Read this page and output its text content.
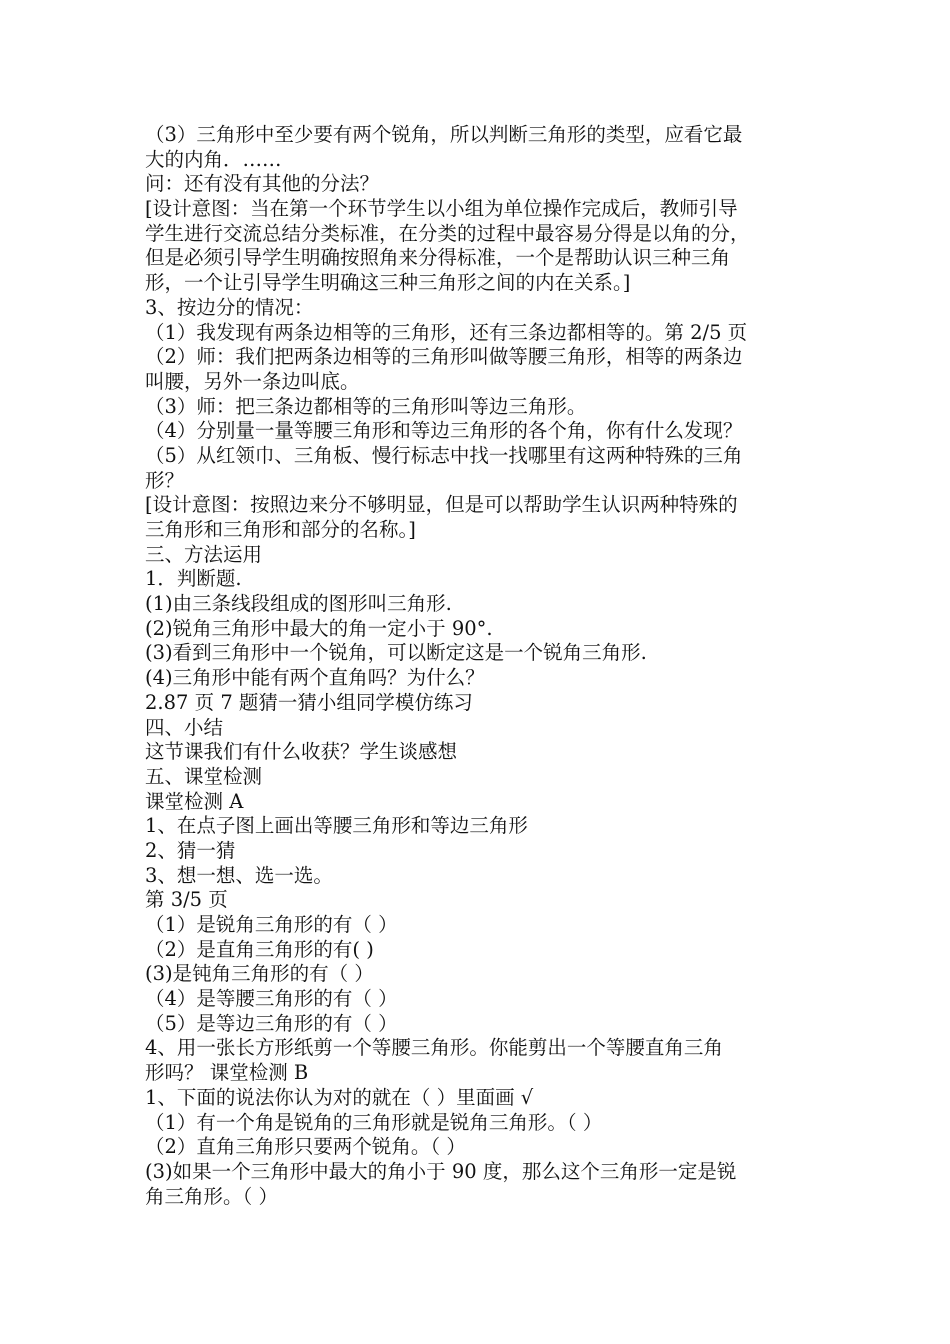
（3）三角形中至少要有两个锐角，所以判断三角形的类型，应看它最
大的内角．……
问：还有没有其他的分法？
[设计意图：当在第一个环节学生以小组为单位操作完成后，教师引导
学生进行交流总结分类标准，在分类的过程中最容易分得是以角的分，
但是必须引导学生明确按照角来分得标准，一个是帮助认识三种三角
形，一个让引导学生明确这三种三角形之间的内在关系。]
3、按边分的情况：
（1）我发现有两条边相等的三角形，还有三条边都相等的。第 2/5 页
（2）师：我们把两条边相等的三角形叫做等腰三角形，相等的两条边
叫腰，另外一条边叫底。
（3）师：把三条边都相等的三角形叫等边三角形。
（4）分别量一量等腰三角形和等边三角形的各个角，你有什么发现？
（5）从红领巾、三角板、慢行标志中找一找哪里有这两种特殊的三角
形？
[设计意图：按照边来分不够明显，但是可以帮助学生认识两种特殊的
三角形和三角形和部分的名称。]
三、方法运用
1．判断题.
(1)由三条线段组成的图形叫三角形.
(2)锐角三角形中最大的角一定小于 90°.
(3)看到三角形中一个锐角，可以断定这是一个锐角三角形.
(4)三角形中能有两个直角吗？为什么？
2.87 页 7 题猜一猜小组同学模仿练习
四、小结
这节课我们有什么收获？学生谈感想
五、课堂检测
课堂检测 A
1、在点子图上画出等腰三角形和等边三角形
2、猜一猜
3、想一想、选一选。
第 3/5 页
（1）是锐角三角形的有（ ）
（2）是直角三角形的有( )
(3)是钝角三角形的有（ ）
（4）是等腰三角形的有（ ）
（5）是等边三角形的有（ ）
4、用一张长方形纸剪一个等腰三角形。你能剪出一个等腰直角三角
形吗？ 课堂检测 B
1、下面的说法你认为对的就在（ ）里面画 √
（1）有一个角是锐角的三角形就是锐角三角形。（ ）
（2）直角三角形只要两个锐角。（ ）
(3)如果一个三角形中最大的角小于 90 度，那么这个三角形一定是锐
角三角形。（ ）
